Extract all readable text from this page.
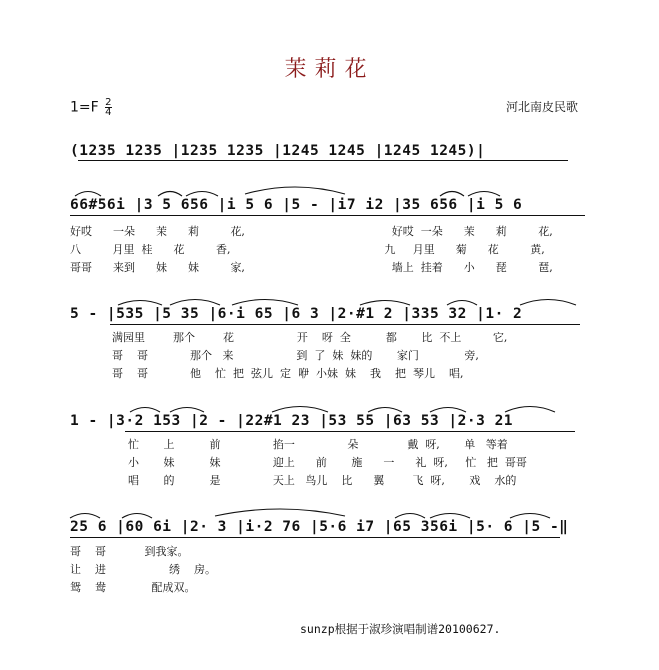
茉莉花
$1=F \frac{2}{4}$	河北南皮民歌
(1235 1235 |1235 1235 |1245 1245 |1245 1245)|
66#56i |3 5 656 |i 5 6 |5 - |i7 i2 |35 656 |i 5 6
5 - |535 |5 35 |6·i 65 |6 3 |2·#1 2 |335 32 |1· 2
1 - |3·2 153 |2 - |22#1 23 |53 55 |63 53 |2·3 21
25 6 |60 6i |2· 3 |i·2 76 |5·6 i7 |65 356i |5· 6 |5 -‖
好哎 一朵 茉 莉	花,	好哎 一朵 茉 莉	花,
八	月里 桂 花	香,	九 月里 菊 花	黄,
哥哥 来到 妹 妹	家,	墙上 挂着 小 琵	琶,
满园里	那个	花	开 呀 全	都 比 不上	它,
哥 哥	那个 来	到 了 妹 妹的 家门	旁,
哥 哥	他 忙 把 弦儿 定 咿 小妹 妹 我 把 琴儿 唱,
忙 上	前	掐一	朵	戴 呀, 单 等着
小 妹	妹	迎上 前 施 一 礼 呀, 忙 把 哥哥
唱 的	是	天上 鸟儿 比 翼	飞 呀, 戏 水的
哥 哥	到我家。
让 进	绣 房。
鸳 鸯	配成双。
sunzp根据于淑珍演唱制谱20100627.
